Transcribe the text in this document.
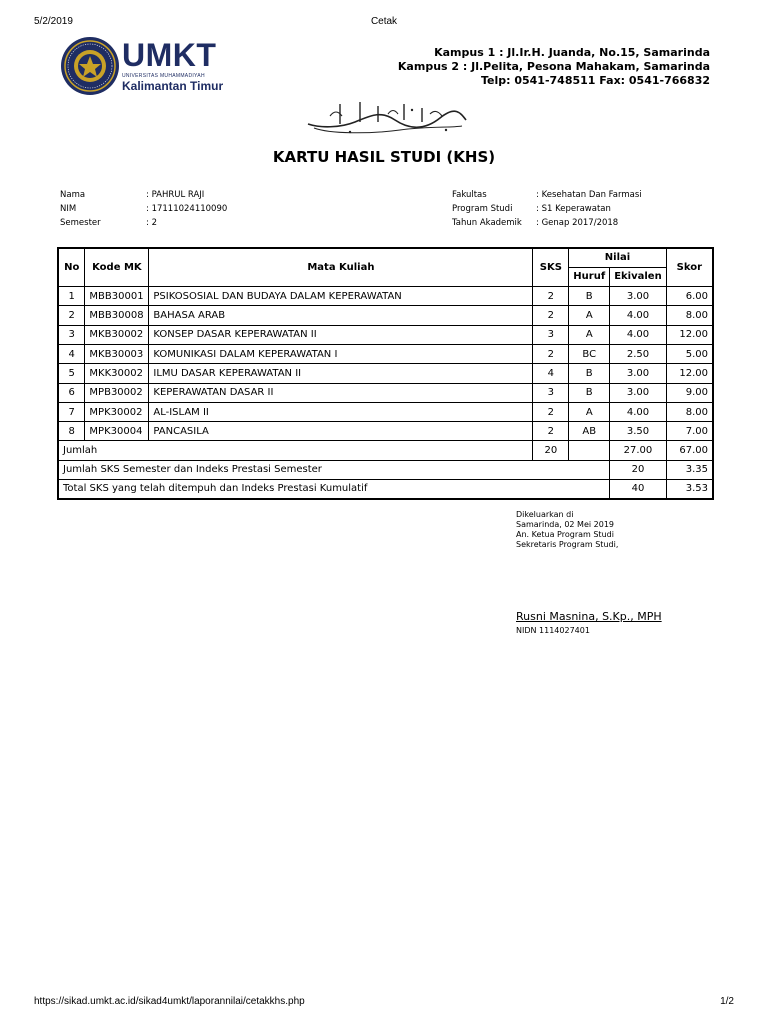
5/2/2019	Cetak
UMKT
UNIVERSITAS MUHAMMADIYAH
Kalimantan Timur
Kampus 1 : Jl.Ir.H. Juanda, No.15, Samarinda
Kampus 2 : Jl.Pelita, Pesona Mahakam, Samarinda
Telp: 0541-748511 Fax: 0541-766832
KARTU HASIL STUDI (KHS)
Nama	: PAHRUL RAJI
NIM	: 17111024110090
Semester	: 2
Fakultas	: Kesehatan Dan Farmasi
Program Studi	: S1 Keperawatan
Tahun Akademik	: Genap 2017/2018
No	Kode MK	Mata Kuliah	SKS	Nilai		Skor
				Huruf	Ekivalen	
1	MBB30001	PSIKOSOSIAL DAN BUDAYA DALAM KEPERAWATAN	2	B	3.00	6.00
2	MBB30008	BAHASA ARAB	2	A	4.00	8.00
3	MKB30002	KONSEP DASAR KEPERAWATAN II	3	A	4.00	12.00
4	MKB30003	KOMUNIKASI DALAM KEPERAWATAN I	2	BC	2.50	5.00
5	MKK30002	ILMU DASAR KEPERAWATAN II	4	B	3.00	12.00
6	MPB30002	KEPERAWATAN DASAR II	3	B	3.00	9.00
7	MPK30002	AL-ISLAM II	2	A	4.00	8.00
8	MPK30004	PANCASILA	2	AB	3.50	7.00
Jumlah			20		27.00	67.00
Jumlah SKS Semester dan Indeks Prestasi Semester					20	3.35
Total SKS yang telah ditempuh dan Indeks Prestasi Kumulatif					40	3.53
Dikeluarkan di
Samarinda, 02 Mei 2019
An. Ketua Program Studi
Sekretaris Program Studi,
Rusni Masnina, S.Kp., MPH
NIDN 1114027401
https://sikad.umkt.ac.id/sikad4umkt/laporannilai/cetakkhs.php	1/2
